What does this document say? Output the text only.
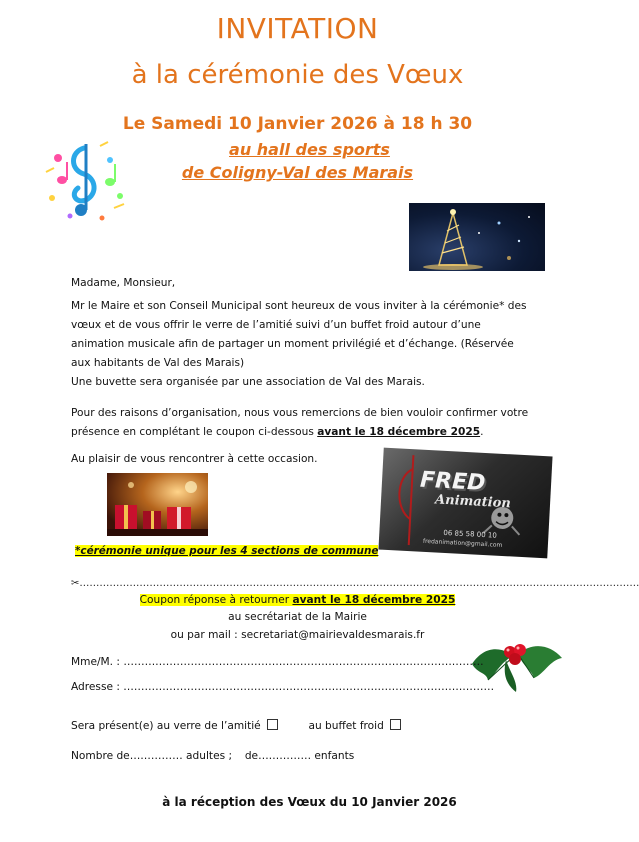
INVITATION
à la cérémonie des Vœux
Le Samedi 10 Janvier 2026 à 18 h 30
au hall des sports
de Coligny-Val des Marais
Madame, Monsieur,

Mr le Maire et son Conseil Municipal sont heureux de vous inviter à la cérémonie* des vœux et de vous offrir le verre de l’amitié suivi d’un buffet froid autour d’une animation musicale afin de partager un moment privilégié et d’échange. (Réservée aux habitants de Val des Marais)

Une buvette sera organisée par une association de Val des Marais.

Pour des raisons d’organisation, nous vous remercions de bien vouloir confirmer votre présence en complétant le coupon ci-dessous avant le 18 décembre 2025.
Au plaisir de vous rencontrer à cette occasion.
FRED
Animation
06 85 58 00 10
fredanimation@gmail.com
*cérémonie unique pour les 4 sections de commune
✂……………………………………………………………………………………………………………………………………………………
Coupon réponse à retourner avant le 18 décembre 2025
au secrétariat de la Mairie
ou par mail : secretariat@mairievaldesmarais.fr
Mme/M. : …………………………………………………………………………………………
Adresse : ……………………………………………………………………………………………
Sera présent(e) au verre de l’amitié	au buffet froid
Nombre de…………… adultes ; de…………… enfants
à la réception des Vœux du 10 Janvier 2026
